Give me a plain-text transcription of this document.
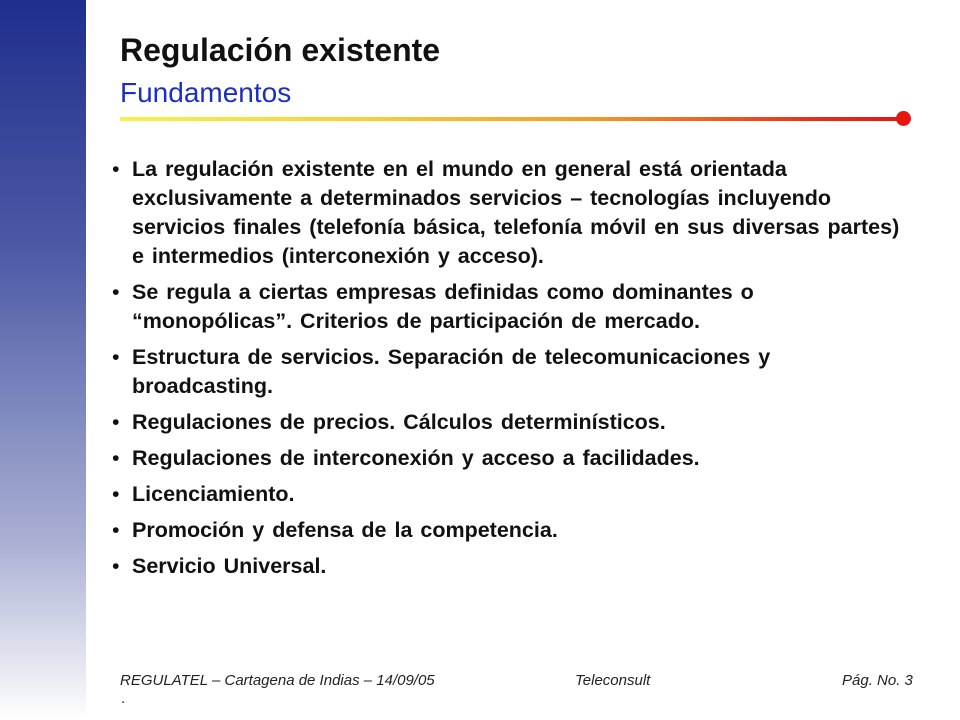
Regulación existente
Fundamentos
• La regulación existente en el mundo en general está orientada exclusivamente a determinados servicios – tecnologías incluyendo servicios finales (telefonía básica, telefonía móvil en sus diversas partes) e intermedios (interconexión y acceso).
• Se regula a ciertas empresas definidas como dominantes o “monopólicas”. Criterios de participación de mercado.
• Estructura de servicios. Separación de telecomunicaciones y broadcasting.
• Regulaciones de precios. Cálculos determinísticos.
• Regulaciones de interconexión y acceso a facilidades.
• Licenciamiento.
• Promoción y defensa de la competencia.
• Servicio Universal.
REGULATEL – Cartagena de Indias – 14/09/05	Teleconsult	Pág. No. 3
.
